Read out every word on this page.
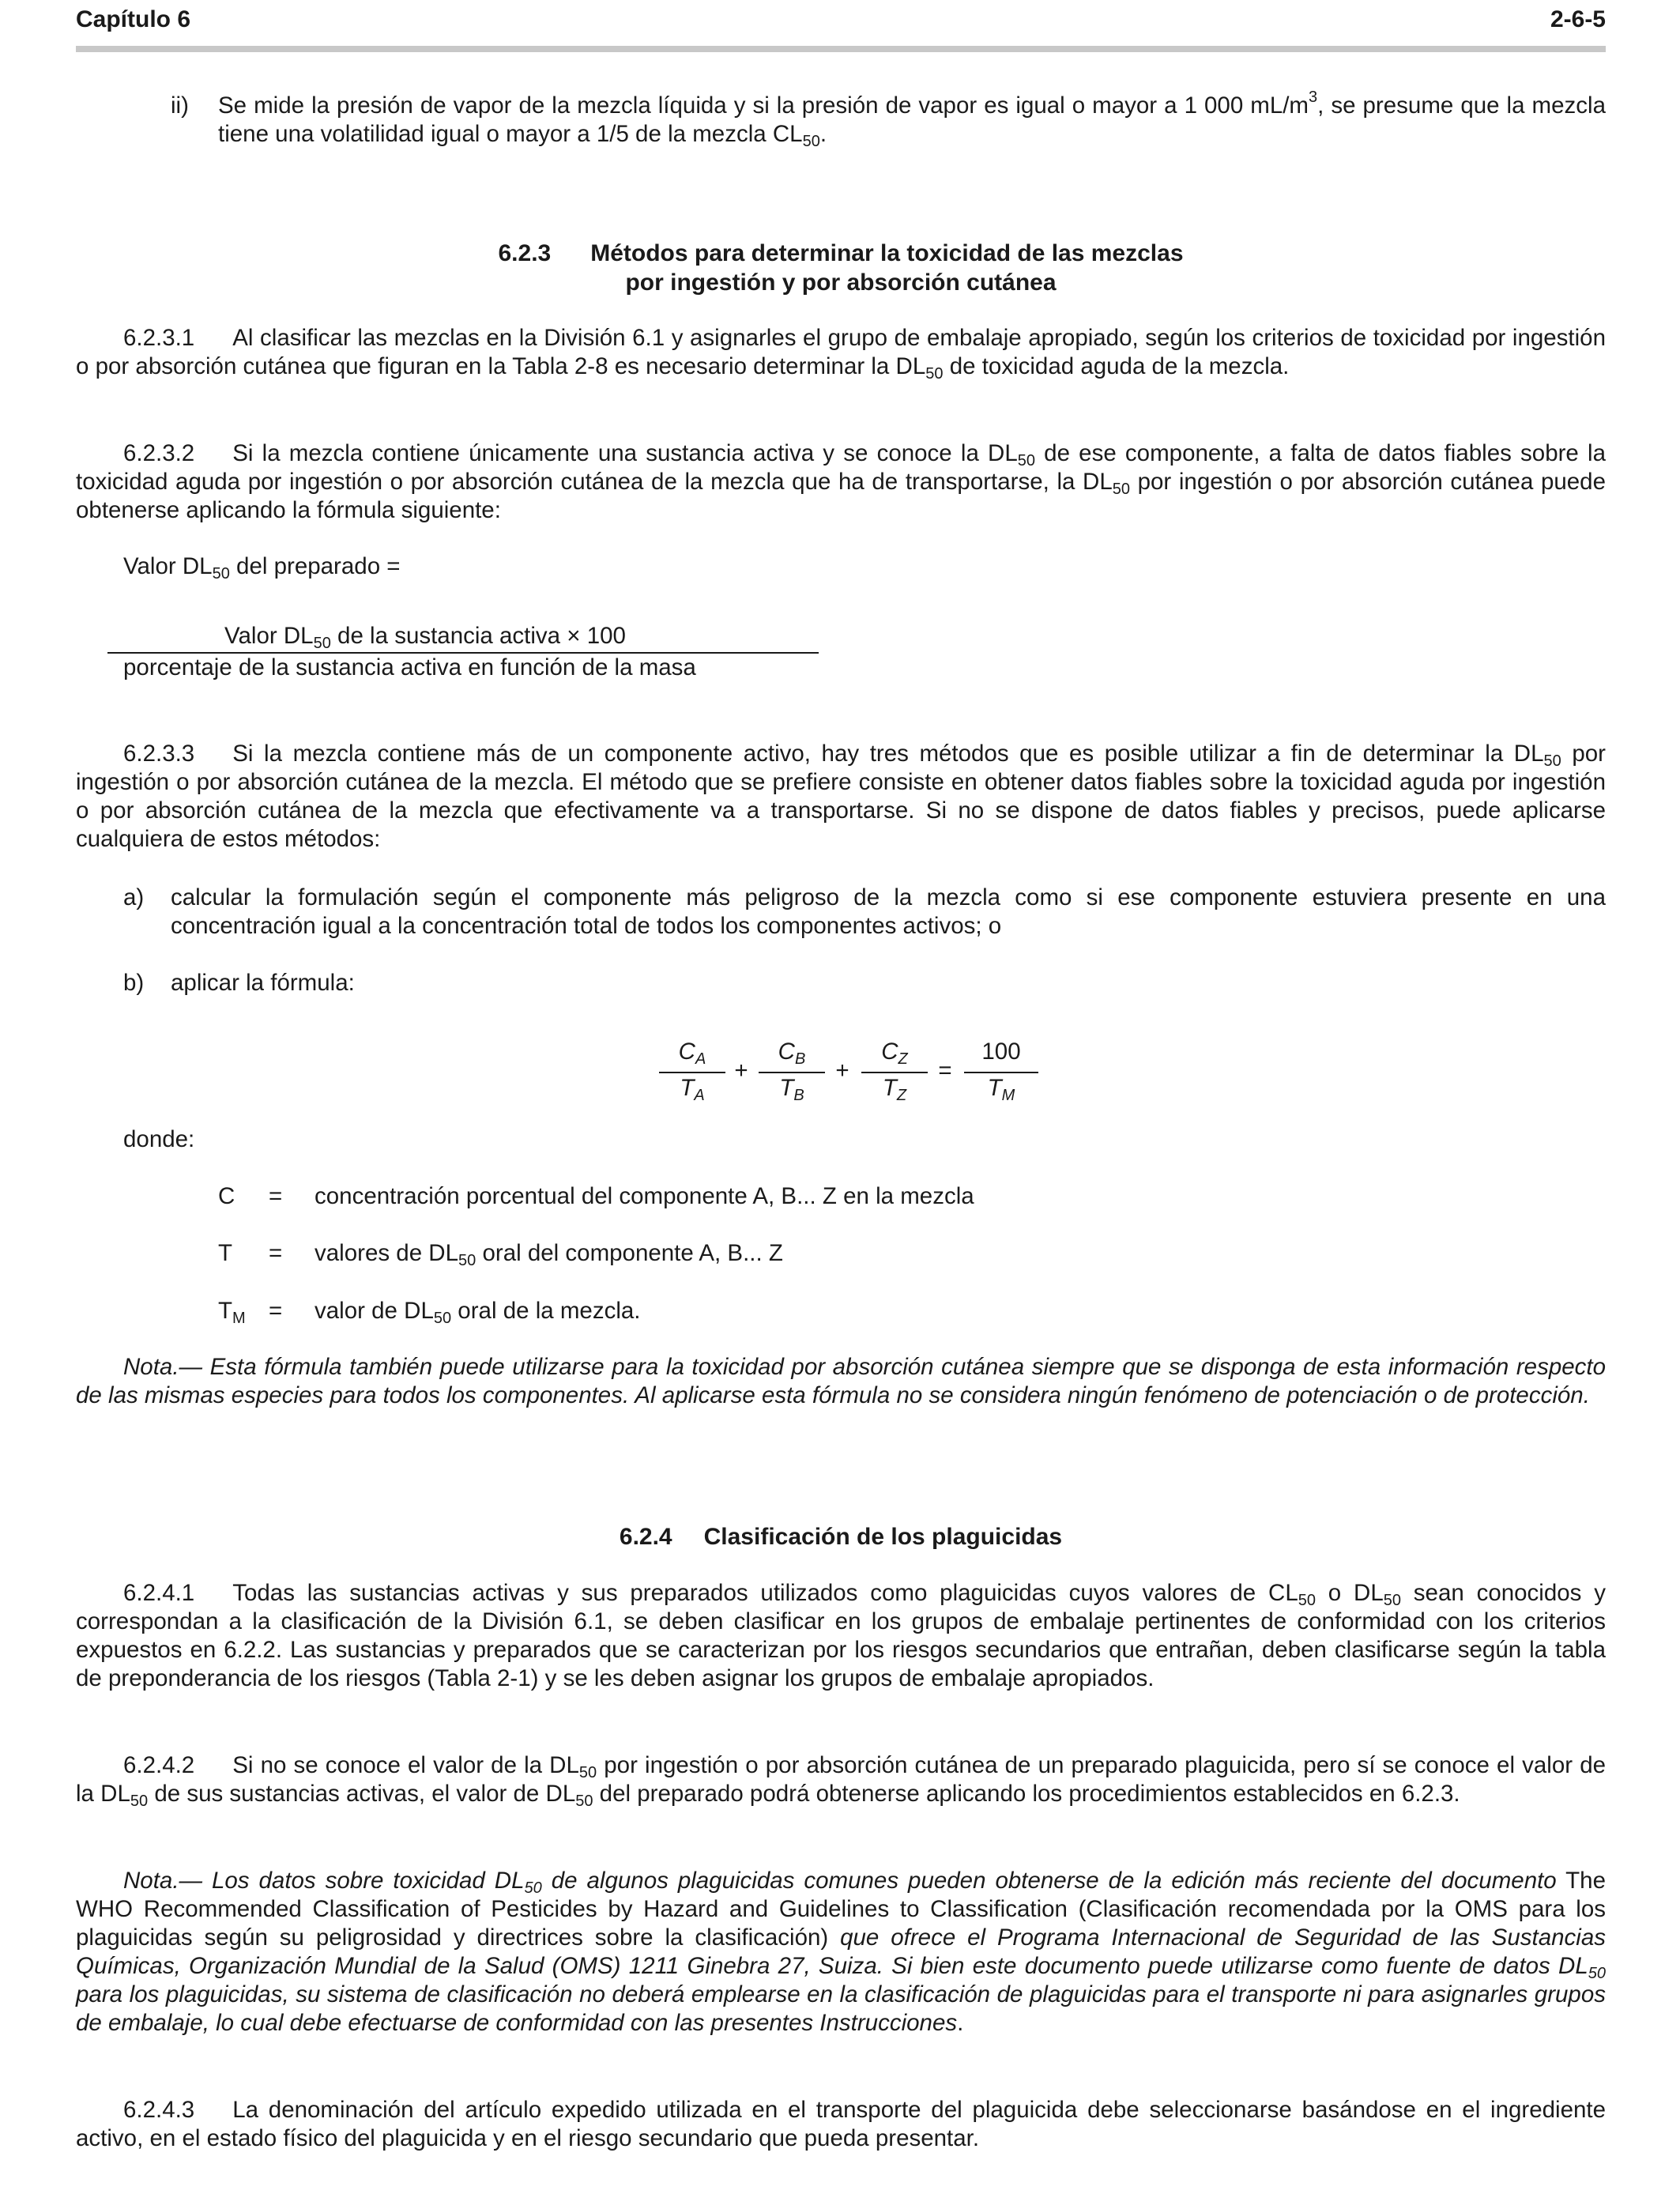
Capítulo 6	2-6-5
ii) Se mide la presión de vapor de la mezcla líquida y si la presión de vapor es igual o mayor a 1 000 $mL/m^3$, se presume que la mezcla tiene una volatilidad igual o mayor a 1/5 de la mezcla $CL_{50}$.

6.2.3 Métodos para determinar la toxicidad de las mezclas
por ingestión y por absorción cutánea

6.2.3.1 Al clasificar las mezclas en la División 6.1 y asignarles el grupo de embalaje apropiado, según los criterios de toxicidad por ingestión o por absorción cutánea que figuran en la Tabla 2-8 es necesario determinar la $DL_{50}$ de toxicidad aguda de la mezcla.

6.2.3.2 Si la mezcla contiene únicamente una sustancia activa y se conoce la $DL_{50}$ de ese componente, a falta de datos fiables sobre la toxicidad aguda por ingestión o por absorción cutánea de la mezcla que ha de transportarse, la $DL_{50}$ por ingestión o por absorción cutánea puede obtenerse aplicando la fórmula siguiente:

Valor $DL_{50}$ del preparado =
Valor $DL_{50}$ de la sustancia activa × 100
porcentaje de la sustancia activa en función de la masa

6.2.3.3 Si la mezcla contiene más de un componente activo, hay tres métodos que es posible utilizar a fin de determinar la $DL_{50}$ por ingestión o por absorción cutánea de la mezcla. El método que se prefiere consiste en obtener datos fiables sobre la toxicidad aguda por ingestión o por absorción cutánea de la mezcla que efectivamente va a transportarse. Si no se dispone de datos fiables y precisos, puede aplicarse cualquiera de estos métodos:

a) calcular la formulación según el componente más peligroso de la mezcla como si ese componente estuviera presente en una concentración igual a la concentración total de todos los componentes activos; o

b) aplicar la fórmula:

$C_A$
$T_A$
+
$C_B$
$T_B$
+
$C_Z$
$T_Z$
=
100
$T_M$
donde:
C = concentración porcentual del componente A, B... Z en la mezcla
T = valores de $DL_{50}$ oral del componente A, B... Z
$T_M$ = valor de $DL_{50}$ oral de la mezcla.

Nota.— Esta fórmula también puede utilizarse para la toxicidad por absorción cutánea siempre que se disponga de esta información respecto de las mismas especies para todos los componentes. Al aplicarse esta fórmula no se considera ningún fenómeno de potenciación o de protección.

6.2.4 Clasificación de los plaguicidas

6.2.4.1 Todas las sustancias activas y sus preparados utilizados como plaguicidas cuyos valores de $CL_{50}$ o $DL_{50}$ sean conocidos y correspondan a la clasificación de la División 6.1, se deben clasificar en los grupos de embalaje pertinentes de conformidad con los criterios expuestos en 6.2.2. Las sustancias y preparados que se caracterizan por los riesgos secundarios que entrañan, deben clasificarse según la tabla de preponderancia de los riesgos (Tabla 2-1) y se les deben asignar los grupos de embalaje apropiados.

6.2.4.2 Si no se conoce el valor de la $DL_{50}$ por ingestión o por absorción cutánea de un preparado plaguicida, pero sí se conoce el valor de la $DL_{50}$ de sus sustancias activas, el valor de $DL_{50}$ del preparado podrá obtenerse aplicando los procedimientos establecidos en 6.2.3.

Nota.— Los datos sobre toxicidad $DL_{50}$ de algunos plaguicidas comunes pueden obtenerse de la edición más reciente del documento The WHO Recommended Classification of Pesticides by Hazard and Guidelines to Classification (Clasificación recomendada por la OMS para los plaguicidas según su peligrosidad y directrices sobre la clasificación) que ofrece el Programa Internacional de Seguridad de las Sustancias Químicas, Organización Mundial de la Salud (OMS) 1211 Ginebra 27, Suiza. Si bien este documento puede utilizarse como fuente de datos $DL_{50}$ para los plaguicidas, su sistema de clasificación no deberá emplearse en la clasificación de plaguicidas para el transporte ni para asignarles grupos de embalaje, lo cual debe efectuarse de conformidad con las presentes Instrucciones.

6.2.4.3 La denominación del artículo expedido utilizada en el transporte del plaguicida debe seleccionarse basándose en el ingrediente activo, en el estado físico del plaguicida y en el riesgo secundario que pueda presentar.
